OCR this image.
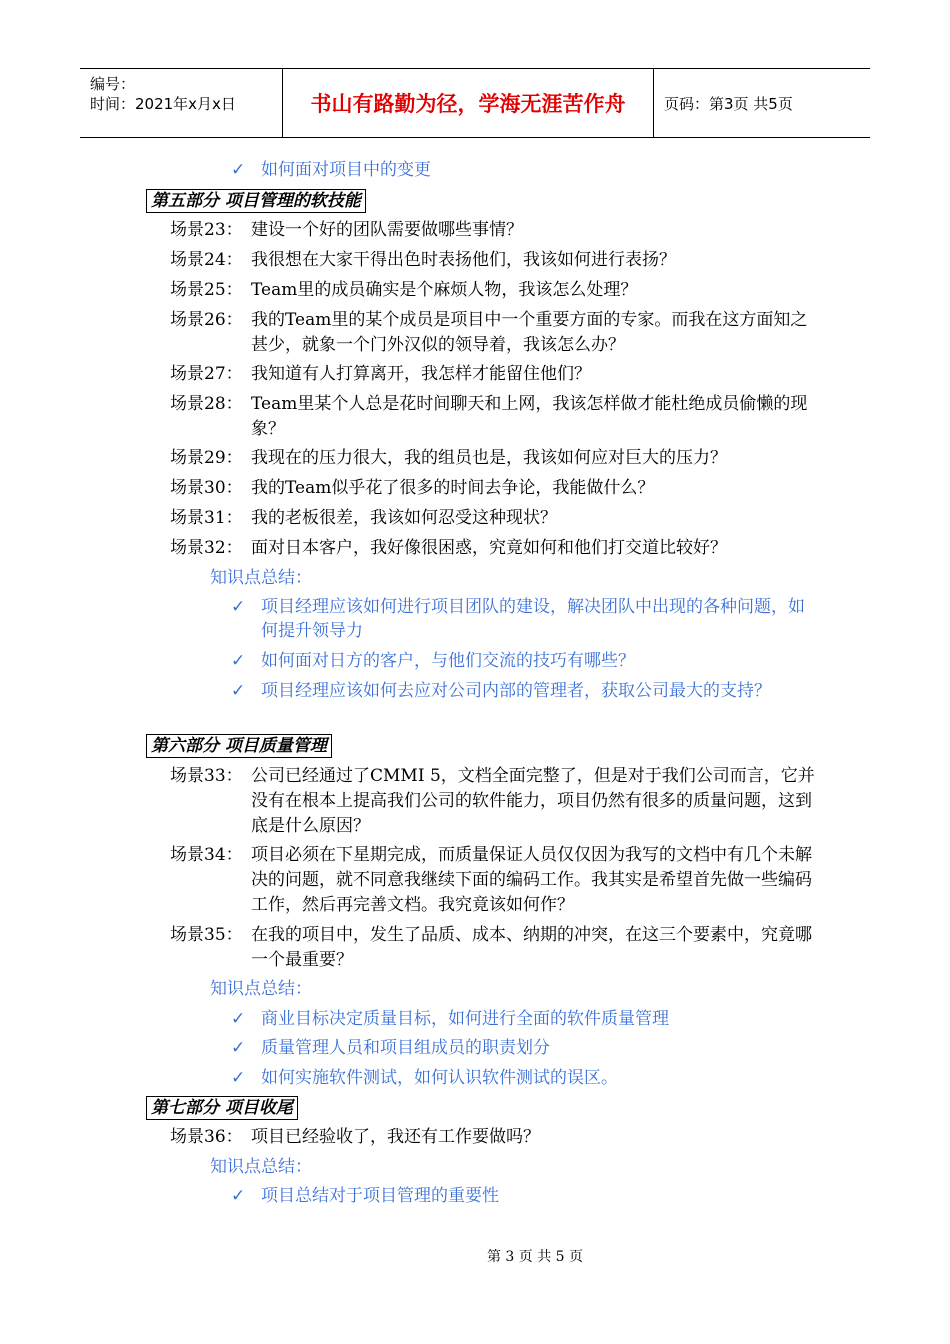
编号：
时间：2021年x月x日	书山有路勤为径，学海无涯苦作舟	页码：第3页 共5页
✓ 如何面对项目中的变更
第五部分 项目管理的软技能
场景23： 建设一个好的团队需要做哪些事情？
场景24： 我很想在大家干得出色时表扬他们，我该如何进行表扬？
场景25： Team里的成员确实是个麻烦人物，我该怎么处理？
场景26： 我的Team里的某个成员是项目中一个重要方面的专家。而我在这方面知之甚少，就象一个门外汉似的领导着，我该怎么办？
场景27： 我知道有人打算离开，我怎样才能留住他们？
场景28： Team里某个人总是花时间聊天和上网，我该怎样做才能杜绝成员偷懒的现象？
场景29： 我现在的压力很大，我的组员也是，我该如何应对巨大的压力？
场景30： 我的Team似乎花了很多的时间去争论，我能做什么？
场景31： 我的老板很差，我该如何忍受这种现状？
场景32： 面对日本客户，我好像很困惑，究竟如何和他们打交道比较好？
知识点总结：
✓ 项目经理应该如何进行项目团队的建设，解决团队中出现的各种问题，如何提升领导力
✓ 如何面对日方的客户，与他们交流的技巧有哪些？
✓ 项目经理应该如何去应对公司内部的管理者，获取公司最大的支持？
第六部分 项目质量管理
场景33： 公司已经通过了CMMI 5，文档全面完整了，但是对于我们公司而言，它并没有在根本上提高我们公司的软件能力，项目仍然有很多的质量问题，这到底是什么原因？
场景34： 项目必须在下星期完成，而质量保证人员仅仅因为我写的文档中有几个未解决的问题，就不同意我继续下面的编码工作。我其实是希望首先做一些编码工作，然后再完善文档。我究竟该如何作？
场景35： 在我的项目中，发生了品质、成本、纳期的冲突，在这三个要素中，究竟哪一个最重要？
知识点总结：
✓ 商业目标决定质量目标，如何进行全面的软件质量管理
✓ 质量管理人员和项目组成员的职责划分
✓ 如何实施软件测试，如何认识软件测试的误区。
第七部分 项目收尾
场景36： 项目已经验收了，我还有工作要做吗？
知识点总结：
✓ 项目总结对于项目管理的重要性
第 3 页 共 5 页
